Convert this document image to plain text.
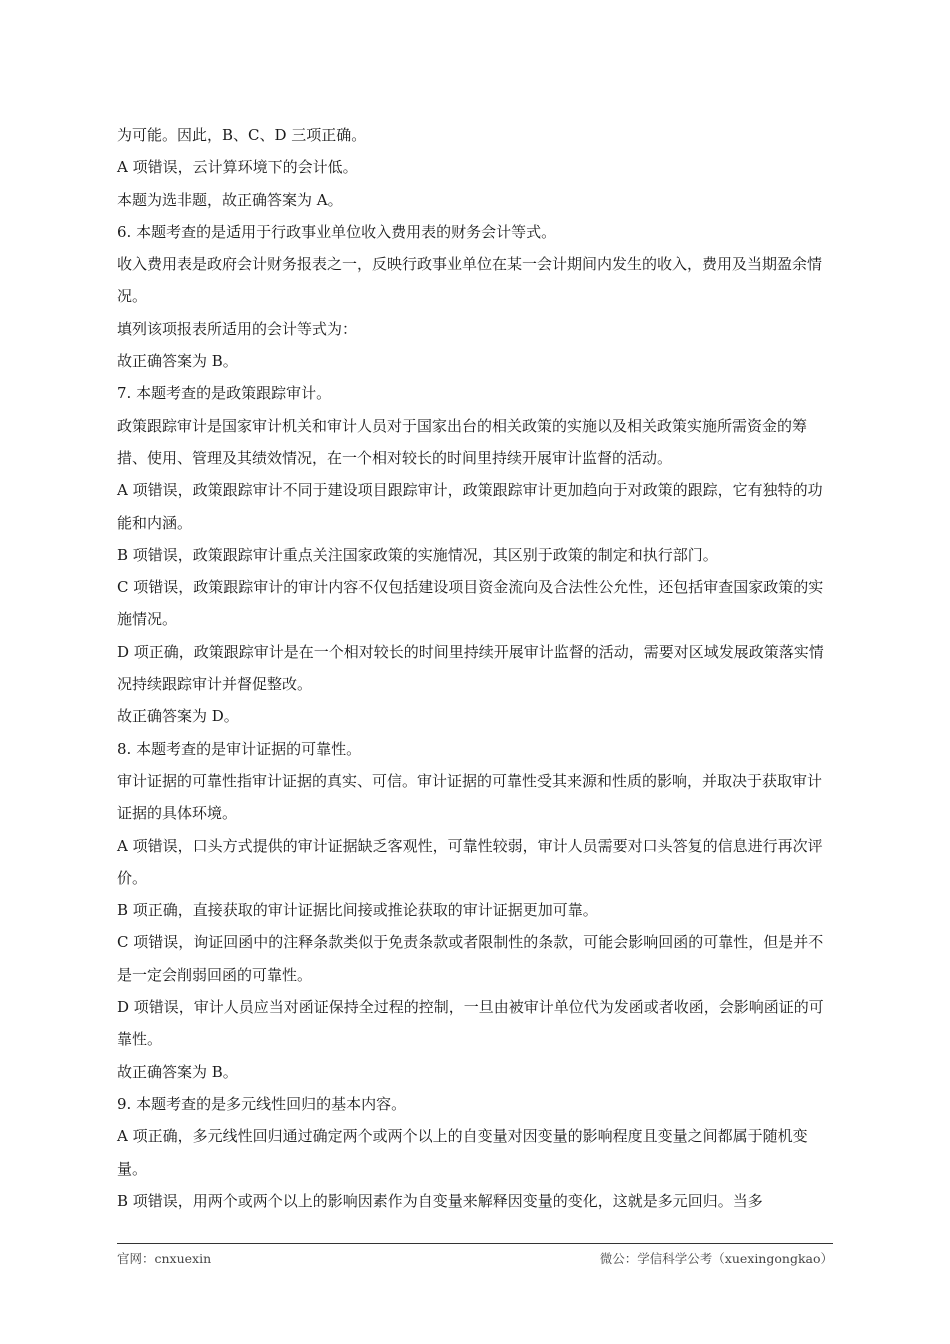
为可能。因此，B、C、D 三项正确。

A 项错误，云计算环境下的会计低。

本题为选非题，故正确答案为 A。

6. 本题考查的是适用于行政事业单位收入费用表的财务会计等式。

收入费用表是政府会计财务报表之一，反映行政事业单位在某一会计期间内发生的收入，费用及当期盈余情况。

填列该项报表所适用的会计等式为：

故正确答案为 B。

7. 本题考查的是政策跟踪审计。

政策跟踪审计是国家审计机关和审计人员对于国家出台的相关政策的实施以及相关政策实施所需资金的筹措、使用、管理及其绩效情况，在一个相对较长的时间里持续开展审计监督的活动。

A 项错误，政策跟踪审计不同于建设项目跟踪审计，政策跟踪审计更加趋向于对政策的跟踪，它有独特的功能和内涵。

B 项错误，政策跟踪审计重点关注国家政策的实施情况，其区别于政策的制定和执行部门。

C 项错误，政策跟踪审计的审计内容不仅包括建设项目资金流向及合法性公允性，还包括审查国家政策的实施情况。

D 项正确，政策跟踪审计是在一个相对较长的时间里持续开展审计监督的活动，需要对区域发展政策落实情况持续跟踪审计并督促整改。

故正确答案为 D。

8. 本题考查的是审计证据的可靠性。

审计证据的可靠性指审计证据的真实、可信。审计证据的可靠性受其来源和性质的影响，并取决于获取审计证据的具体环境。

A 项错误，口头方式提供的审计证据缺乏客观性，可靠性较弱，审计人员需要对口头答复的信息进行再次评价。

B 项正确，直接获取的审计证据比间接或推论获取的审计证据更加可靠。

C 项错误，询证回函中的注释条款类似于免责条款或者限制性的条款，可能会影响回函的可靠性，但是并不是一定会削弱回函的可靠性。

D 项错误，审计人员应当对函证保持全过程的控制，一旦由被审计单位代为发函或者收函，会影响函证的可靠性。

故正确答案为 B。

9. 本题考查的是多元线性回归的基本内容。

A 项正确，多元线性回归通过确定两个或两个以上的自变量对因变量的影响程度且变量之间都属于随机变量。

B 项错误，用两个或两个以上的影响因素作为自变量来解释因变量的变化，这就是多元回归。当多

官网：cnxuexin	微公：学信科学公考（xuexingongkao）
